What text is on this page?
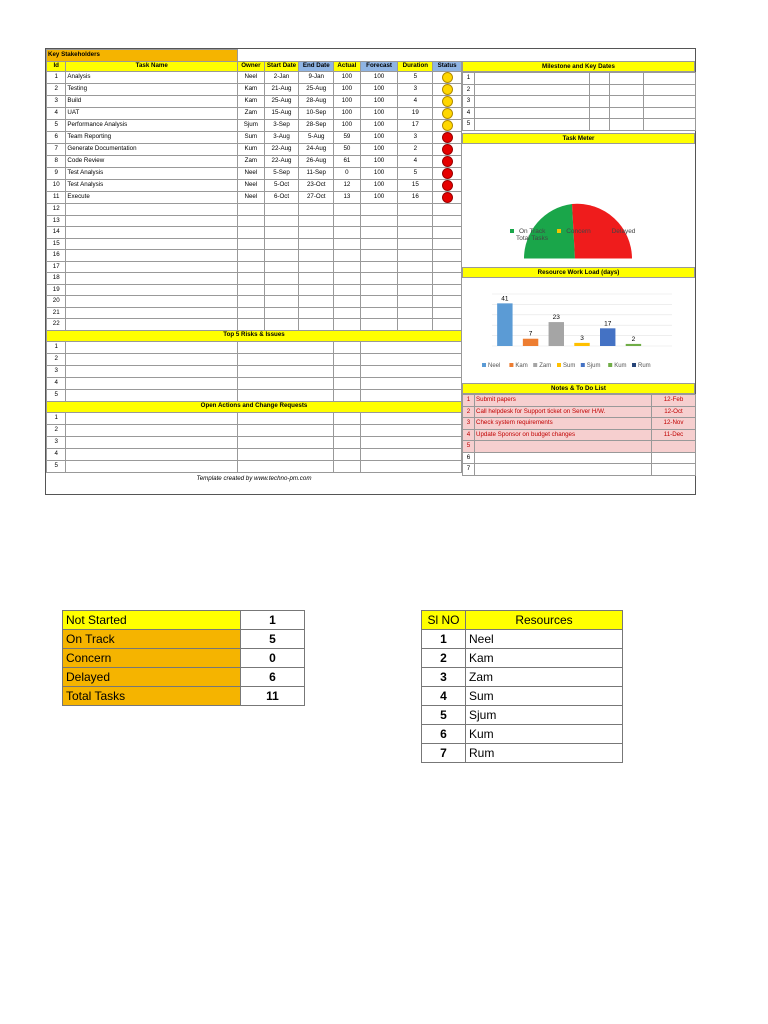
Key Stakeholders								
Id	Task Name	Owner	Start Date	End Date	Actual	Forecast	Duration	Status
1	Analysis	Neel	2-Jan	9-Jan	100	100	5	
2	Testing	Kam	21-Aug	25-Aug	100	100	3	
3	Build	Kam	25-Aug	28-Aug	100	100	4	
4	UAT	Zam	15-Aug	10-Sep	100	100	19	
5	Performance Analysis	Sjum	3-Sep	28-Sep	100	100	17	
6	Team Reporting	Sum	3-Aug	5-Aug	59	100	3	
7	Generate Documentation	Kum	22-Aug	24-Aug	50	100	2	
8	Code Review	Zam	22-Aug	26-Aug	61	100	4	
9	Test Analysis	Neel	5-Sep	11-Sep	0	100	5	
10	Test Analysis	Neel	5-Oct	23-Oct	12	100	15	
11	Execute	Neel	6-Oct	27-Oct	13	100	16	
12								
13								
14								
15								
16								
17								
18								
19								
20								
21								
22								
Top 5 Risks & Issues								
1								
2								
3								
4								
5								
Open Actions and Change Requests								
1								
2								
3								
4								
5								
Template created by www.techno-pm.com								
Milestone and Key Dates
1				
2				
3				
4				
5				
Task Meter
On Track	Concern	Delayed
Total Tasks
Resource Work Load (days)
41
7
23
3
17
2
Neel	Kam Zam Sum Sjum Kum Rum
Notes & To Do List
1	Submit papers	12-Feb
2	Call helpdesk for Support ticket on Server H/W.	12-Oct
3	Check system requirements	12-Nov
4	Update Sponsor on budget changes	11-Dec
5		
6		
7		
Not Started	1
On Track	5
Concern	0
Delayed	6
Total Tasks	11
Sl NO	Resources
1	Neel
2	Kam
3	Zam
4	Sum
5	Sjum
6	Kum
7	Rum
